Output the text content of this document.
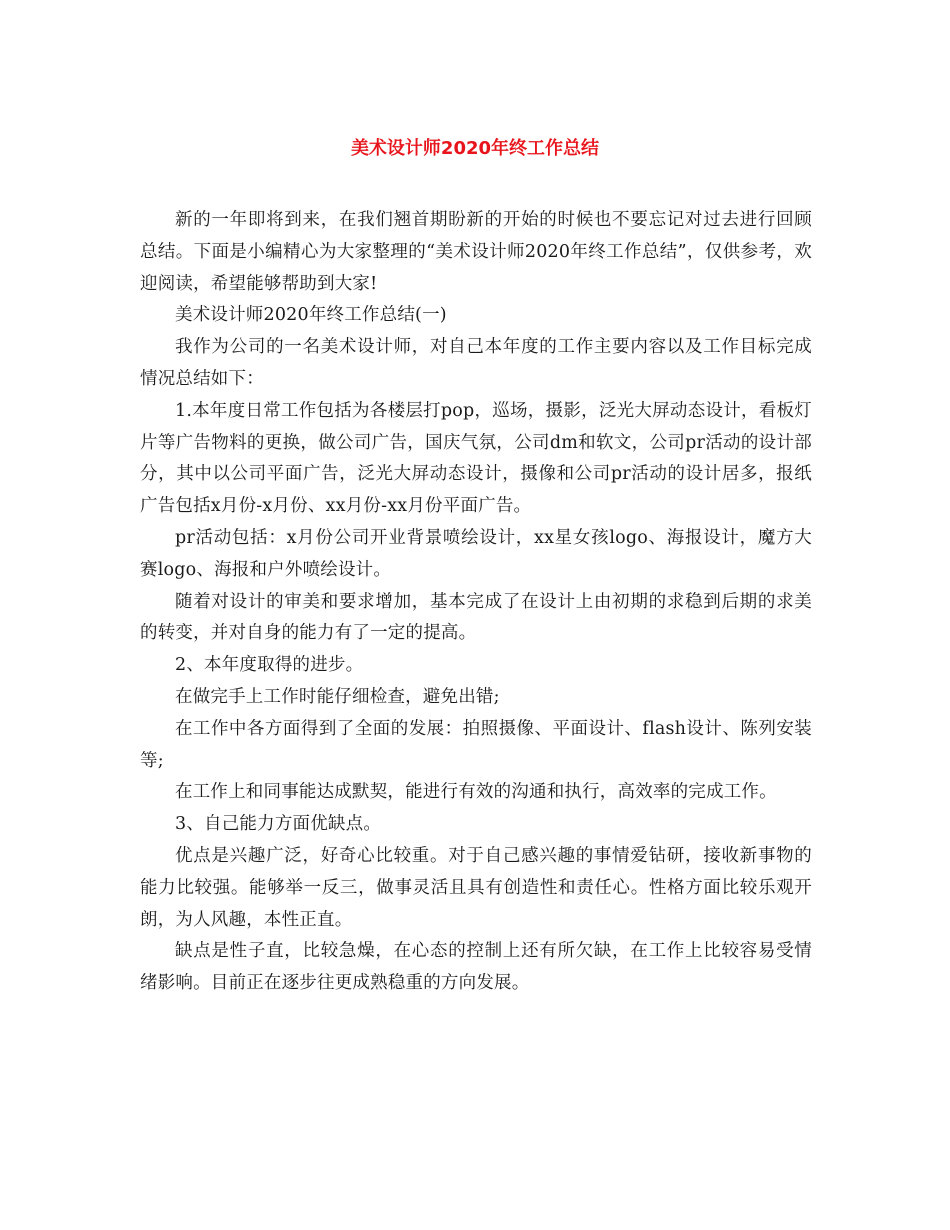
美术设计师2020年终工作总结

新的一年即将到来，在我们翘首期盼新的开始的时候也不要忘记对过去进行回顾总结。下面是小编精心为大家整理的“美术设计师2020年终工作总结”，仅供参考，欢迎阅读，希望能够帮助到大家!

美术设计师2020年终工作总结(一)

我作为公司的一名美术设计师，对自己本年度的工作主要内容以及工作目标完成情况总结如下：

1.本年度日常工作包括为各楼层打pop，巡场，摄影，泛光大屏动态设计，看板灯片等广告物料的更换，做公司广告，国庆气氛，公司dm和软文，公司pr活动的设计部分，其中以公司平面广告，泛光大屏动态设计，摄像和公司pr活动的设计居多，报纸广告包括x月份-x月份、xx月份-xx月份平面广告。

pr活动包括：x月份公司开业背景喷绘设计，xx星女孩logo、海报设计，魔方大赛logo、海报和户外喷绘设计。

随着对设计的审美和要求增加，基本完成了在设计上由初期的求稳到后期的求美的转变，并对自身的能力有了一定的提高。

2、本年度取得的进步。

在做完手上工作时能仔细检查，避免出错;

在工作中各方面得到了全面的发展：拍照摄像、平面设计、flash设计、陈列安装等;

在工作上和同事能达成默契，能进行有效的沟通和执行，高效率的完成工作。

3、自己能力方面优缺点。

优点是兴趣广泛，好奇心比较重。对于自己感兴趣的事情爱钻研，接收新事物的能力比较强。能够举一反三，做事灵活且具有创造性和责任心。性格方面比较乐观开朗，为人风趣，本性正直。

缺点是性子直，比较急燥，在心态的控制上还有所欠缺，在工作上比较容易受情绪影响。目前正在逐步往更成熟稳重的方向发展。
